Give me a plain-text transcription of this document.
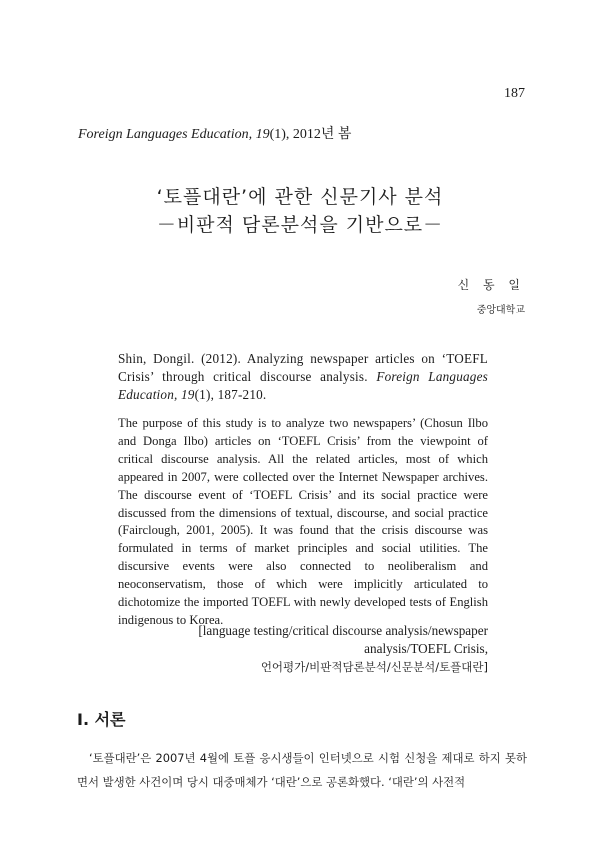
187
Foreign Languages Education, 19(1), 2012년 봄
‘토플대란’에 관한 신문기사 분석
－비판적 담론분석을 기반으로－
신 동 일
중앙대학교
Shin, Dongil. (2012). Analyzing newspaper articles on ‘TOEFL Crisis’ through critical discourse analysis. Foreign Languages Education, 19(1), 187-210.
The purpose of this study is to analyze two newspapers’ (Chosun Ilbo and Donga Ilbo) articles on ‘TOEFL Crisis’ from the viewpoint of critical discourse analysis. All the related articles, most of which appeared in 2007, were collected over the Internet Newspaper archives. The discourse event of ‘TOEFL Crisis’ and its social practice were discussed from the dimensions of textual, discourse, and social practice (Fairclough, 2001, 2005). It was found that the crisis discourse was formulated in terms of market principles and social utilities. The discursive events were also connected to neoliberalism and neoconservatism, those of which were implicitly articulated to dichotomize the imported TOEFL with newly developed tests of English indigenous to Korea.
[language testing/critical discourse analysis/newspaper
analysis/TOEFL Crisis,
언어평가/비판적담론분석/신문분석/토플대란]
I. 서론
‘토플대란’은 2007년 4월에 토플 응시생들이 인터넷으로 시험 신청을 제대로 하지 못하면서 발생한 사건이며 당시 대중매체가 ‘대란’으로 공론화했다. ‘대란’의 사전적
